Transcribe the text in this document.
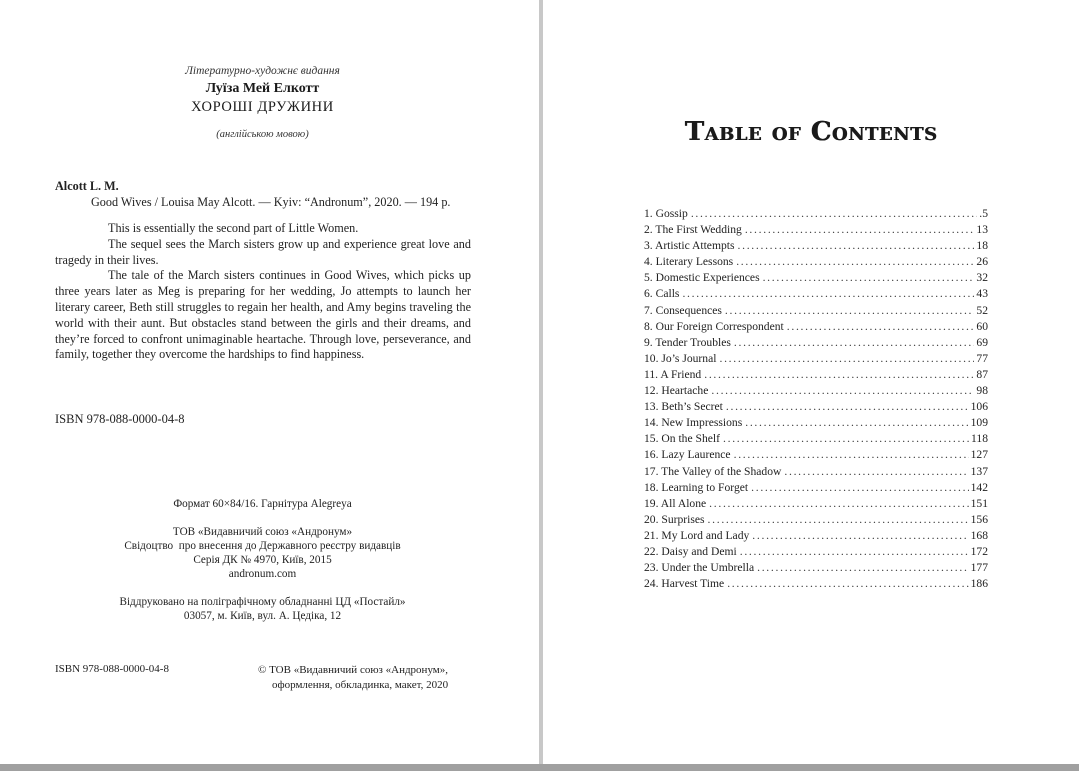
Літературно-художнє видання
Луїза Мей Елкотт
ХОРОШІ ДРУЖИНИ
(англійською мовою)
Alcott L. M.
Good Wives / Louisa May Alcott. — Kyiv: “Andronum”, 2020. — 194 p.

This is essentially the second part of Little Women.

The sequel sees the March sisters grow up and experience great love and tragedy in their lives.

The tale of the March sisters continues in Good Wives, which picks up three years later as Meg is preparing for her wedding, Jo attempts to launch her literary career, Beth still struggles to regain her health, and Amy begins traveling the world with their aunt. But obstacles stand between the girls and their dreams, and they’re forced to confront unimaginable heartache. Through love, perseverance, and family, together they overcome the hardships to find happiness.

ISBN 978-088-0000-04-8
Формат 60×84/16. Гарнітура Alegreya
ТОВ «Видавничий союз «Андронум»
Свідоцтво  про внесення до Державного реєстру видавців
Серія ДК № 4970, Київ, 2015
andronum.com
Віддруковано на поліграфічному обладнанні ЦД «Постайл»
03057, м. Київ, вул. А. Цедіка, 12
ISBN 978-088-0000-04-8	© ТОВ «Видавничий союз «Андронум»,
оформлення, обкладинка, макет, 2020
Table of Contents
1. Gossip . . .	.5
2. The First Wedding . . .	13
3. Artistic Attempts . . .	18
4. Literary Lessons . . .	26
5. Domestic Experiences . . .	32
6. Calls . . .	43
7. Consequences . . .	52
8. Our Foreign Correspondent . . .	60
9. Tender Troubles . . .	69
10. Jo’s Journal . . .	77
11. A Friend . . .	87
12. Heartache . . .	98
13. Beth’s Secret . . .	106
14. New Impressions . . .	109
15. On the Shelf . . .	118
16. Lazy Laurence . . .	127
17. The Valley of the Shadow . . .	137
18. Learning to Forget . . .	142
19. All Alone . . .	151
20. Surprises . . .	156
21. My Lord and Lady . . .	168
22. Daisy and Demi . . .	172
23. Under the Umbrella . . .	177
24. Harvest Time . . .	186
